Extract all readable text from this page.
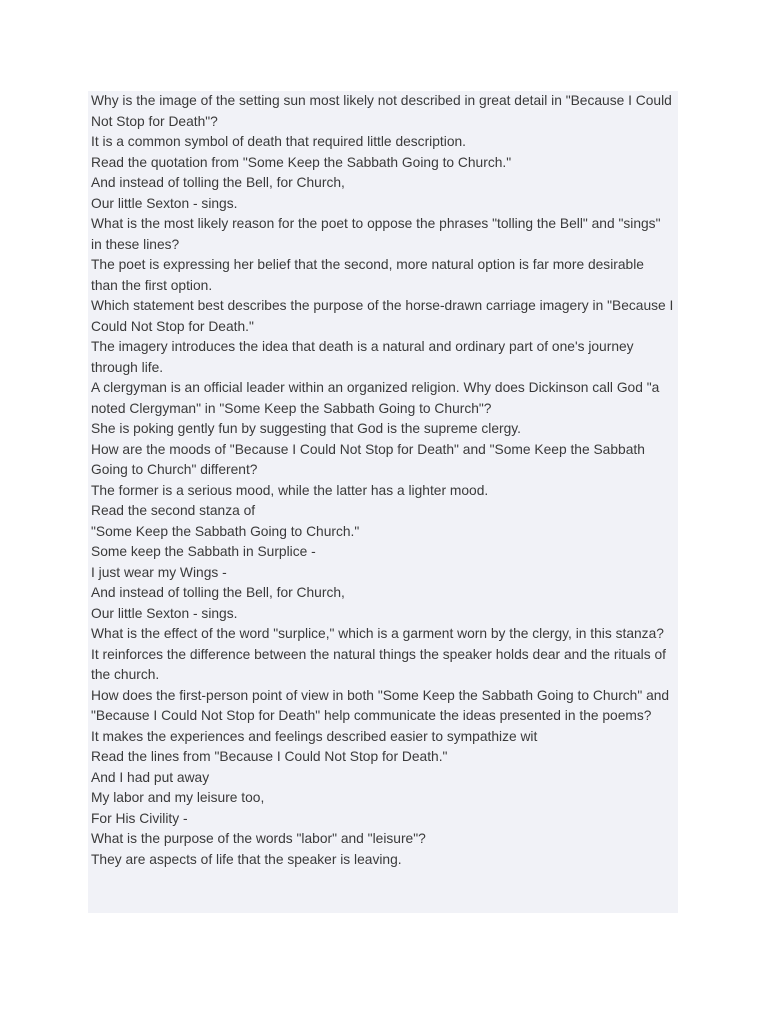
Why is the image of the setting sun most likely not described in great detail in "Because I Could Not Stop for Death"?
It is a common symbol of death that required little description.
Read the quotation from "Some Keep the Sabbath Going to Church."
And instead of tolling the Bell, for Church,
Our little Sexton - sings.
What is the most likely reason for the poet to oppose the phrases "tolling the Bell" and "sings" in these lines?
The poet is expressing her belief that the second, more natural option is far more desirable than the first option.
Which statement best describes the purpose of the horse-drawn carriage imagery in "Because I Could Not Stop for Death."
The imagery introduces the idea that death is a natural and ordinary part of one's journey through life.
A clergyman is an official leader within an organized religion. Why does Dickinson call God "a noted Clergyman" in "Some Keep the Sabbath Going to Church"?
She is poking gently fun by suggesting that God is the supreme clergy.
How are the moods of "Because I Could Not Stop for Death" and "Some Keep the Sabbath Going to Church" different?
The former is a serious mood, while the latter has a lighter mood.
Read the second stanza of
"Some Keep the Sabbath Going to Church."
Some keep the Sabbath in Surplice -
I just wear my Wings -
And instead of tolling the Bell, for Church,
Our little Sexton - sings.
What is the effect of the word "surplice," which is a garment worn by the clergy, in this stanza?
It reinforces the difference between the natural things the speaker holds dear and the rituals of the church.
How does the first-person point of view in both "Some Keep the Sabbath Going to Church" and "Because I Could Not Stop for Death" help communicate the ideas presented in the poems?
It makes the experiences and feelings described easier to sympathize wit
Read the lines from "Because I Could Not Stop for Death."
And I had put away
My labor and my leisure too,
For His Civility -
What is the purpose of the words "labor" and "leisure"?
They are aspects of life that the speaker is leaving.
